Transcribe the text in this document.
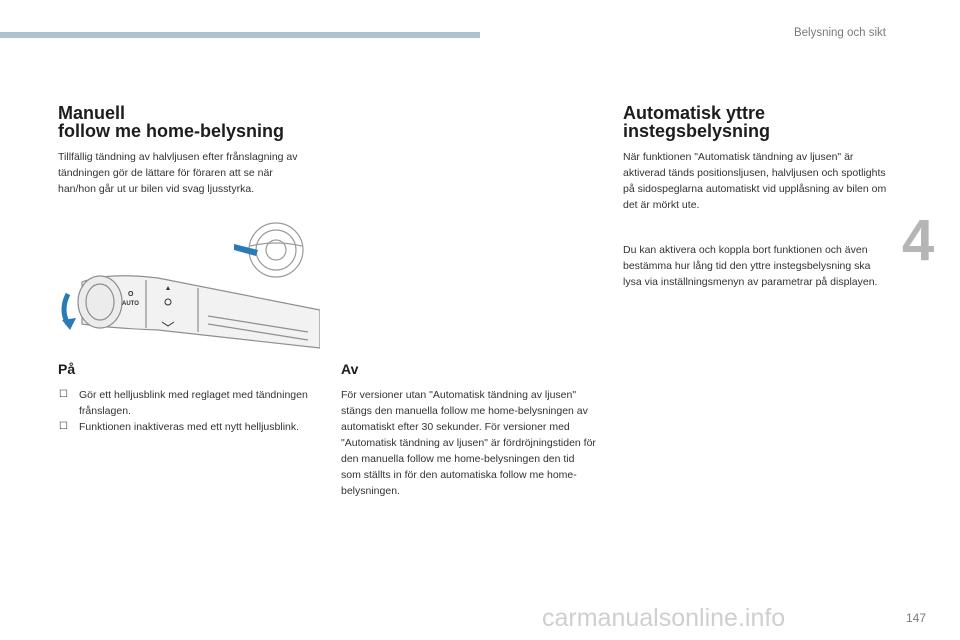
Belysning och sikt
4
Manuell
follow me home-belysning

Tillfällig tändning av halvljusen efter frånslagning av tändningen gör de lättare för föraren att se när han/hon går ut ur bilen vid svag ljusstyrka.

O
AUTO
På
☐ Gör ett helljusblink med reglaget med tändningen frånslagen.
☐ Funktionen inaktiveras med ett nytt helljusblink.
Av

För versioner utan "Automatisk tändning av ljusen" stängs den manuella follow me home-belysningen av automatiskt efter 30 sekunder. För versioner med "Automatisk tändning av ljusen" är fördröjningstiden för den manuella follow me home-belysningen den tid som ställts in för den automatiska follow me home-belysningen.

Automatisk yttre
instegsbelysning

När funktionen "Automatisk tändning av ljusen" är aktiverad tänds positionsljusen, halvljusen och spotlights på sidospeglarna automatiskt vid upplåsning av bilen om det är mörkt ute.

Du kan aktivera och koppla bort funktionen och även bestämma hur lång tid den yttre instegsbelysning ska lysa via inställningsmenyn av parametrar på displayen.

carmanualsonline.info	147
